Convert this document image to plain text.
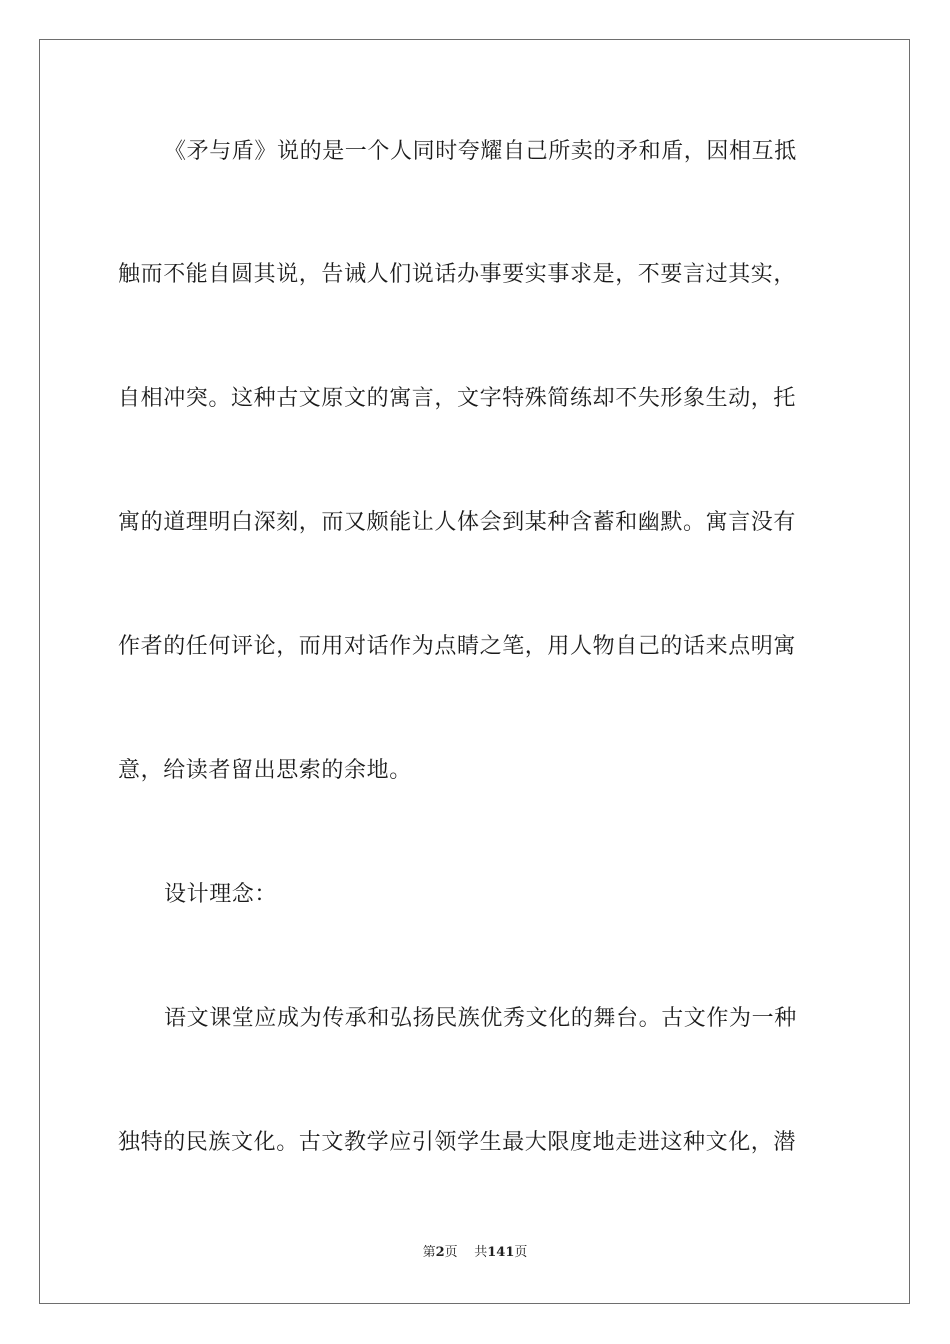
《矛与盾》说的是一个人同时夸耀自己所卖的矛和盾，因相互抵
触而不能自圆其说，告诫人们说话办事要实事求是，不要言过其实，
自相冲突。这种古文原文的寓言，文字特殊简练却不失形象生动，托
寓的道理明白深刻，而又颇能让人体会到某种含蓄和幽默。寓言没有
作者的任何评论，而用对话作为点睛之笔，用人物自己的话来点明寓
意，给读者留出思索的余地。
设计理念：
语文课堂应成为传承和弘扬民族优秀文化的舞台。古文作为一种
独特的民族文化。古文教学应引领学生最大限度地走进这种文化，潜
第2页 共141页
